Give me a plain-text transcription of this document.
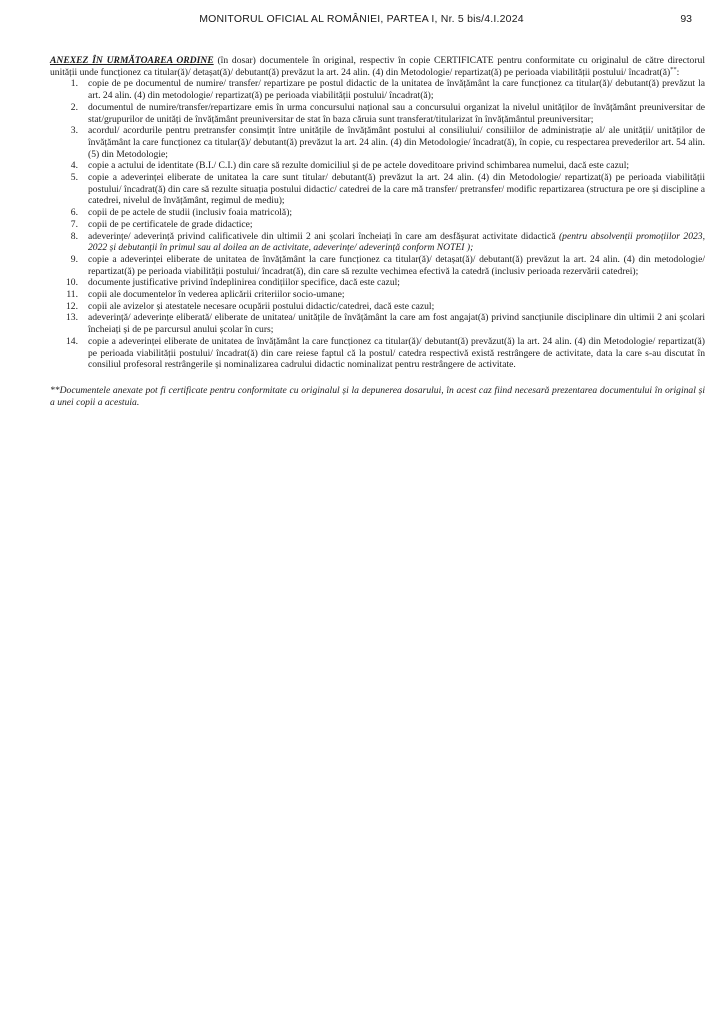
MONITORUL OFICIAL AL ROMÂNIEI, PARTEA I, Nr. 5 bis/4.I.2024	93

ANEXEZ ÎN URMĂTOAREA ORDINE (în dosar) documentele în original, respectiv în copie CERTIFICATE pentru conformitate cu originalul de către directorul unității unde funcționez ca titular(ă)/ detașat(ă)/ debutant(ă) prevăzut la art. 24 alin. (4) din Metodologie/ repartizat(ă) pe perioada viabilității postului/ încadrat(ă)**:

1. copie de pe documentul de numire/ transfer/ repartizare pe postul didactic de la unitatea de învățământ la care funcționez ca titular(ă)/ debutant(ă) prevăzut la art. 24 alin. (4) din metodologie/ repartizat(ă) pe perioada viabilității postului/ încadrat(ă);
2. documentul de numire/transfer/repartizare emis în urma concursului național sau a concursului organizat la nivelul unităților de învățământ preuniversitar de stat/grupurilor de unități de învățământ preuniversitar de stat în baza căruia sunt transferat/titularizat în învățământul preuniversitar;
3. acordul/ acordurile pentru pretransfer consimțit între unitățile de învățământ postului al consiliului/ consiliilor de administrație al/ ale unității/ unităților de învățământ la care funcționez ca titular(ă)/ debutant(ă) prevăzut la art. 24 alin. (4) din Metodologie/ încadrat(ă), în copie, cu respectarea prevederilor art. 54 alin. (5) din Metodologie;
4. copie a actului de identitate (B.I./ C.I.) din care să rezulte domiciliul și de pe actele doveditoare privind schimbarea numelui, dacă este cazul;
5. copie a adeverinței eliberate de unitatea la care sunt titular/ debutant(ă) prevăzut la art. 24 alin. (4) din Metodologie/ repartizat(ă) pe perioada viabilității postului/ încadrat(ă) din care să rezulte situația postului didactic/ catedrei de la care mă transfer/ pretransfer/ modific repartizarea (structura pe ore și discipline a catedrei, nivelul de învățământ, regimul de mediu);
6. copii de pe actele de studii (inclusiv foaia matricolă);
7. copii de pe certificatele de grade didactice;
8. adeverințe/ adeverință privind calificativele din ultimii 2 ani școlari încheiați în care am desfășurat activitate didactică (pentru absolvenții promoțiilor 2023, 2022 și debutanții în primul sau al doilea an de activitate, adeverințe/ adeverință conform NOTEI );
9. copie a adeverinței eliberate de unitatea de învățământ la care funcționez ca titular(ă)/ detașat(ă)/ debutant(ă) prevăzut la art. 24 alin. (4) din metodologie/ repartizat(ă) pe perioada viabilității postului/ încadrat(ă), din care să rezulte vechimea efectivă la catedră (inclusiv perioada rezervării catedrei);
10. documente justificative privind îndeplinirea condițiilor specifice, dacă este cazul;
11. copii ale documentelor în vederea aplicării criteriilor socio-umane;
12. copii ale avizelor și atestatele necesare ocupării postului didactic/catedrei, dacă este cazul;
13. adeverință/ adeverințe eliberată/ eliberate de unitatea/ unitățile de învățământ la care am fost angajat(ă) privind sancțiunile disciplinare din ultimii 2 ani școlari încheiați și de pe parcursul anului școlar în curs;
14. copie a adeverinței eliberate de unitatea de învățământ la care funcționez ca titular(ă)/ debutant(ă) prevăzut(ă) la art. 24 alin. (4) din Metodologie/ repartizat(ă) pe perioada viabilității postului/ încadrat(ă) din care reiese faptul că la postul/ catedra respectivă există restrângere de activitate, data la care s-au discutat în consiliul profesoral restrângerile și nominalizarea cadrului didactic nominalizat pentru restrângere de activitate.

**Documentele anexate pot fi certificate pentru conformitate cu originalul și la depunerea dosarului, în acest caz fiind necesară prezentarea documentului în original și a unei copii a acestuia.
